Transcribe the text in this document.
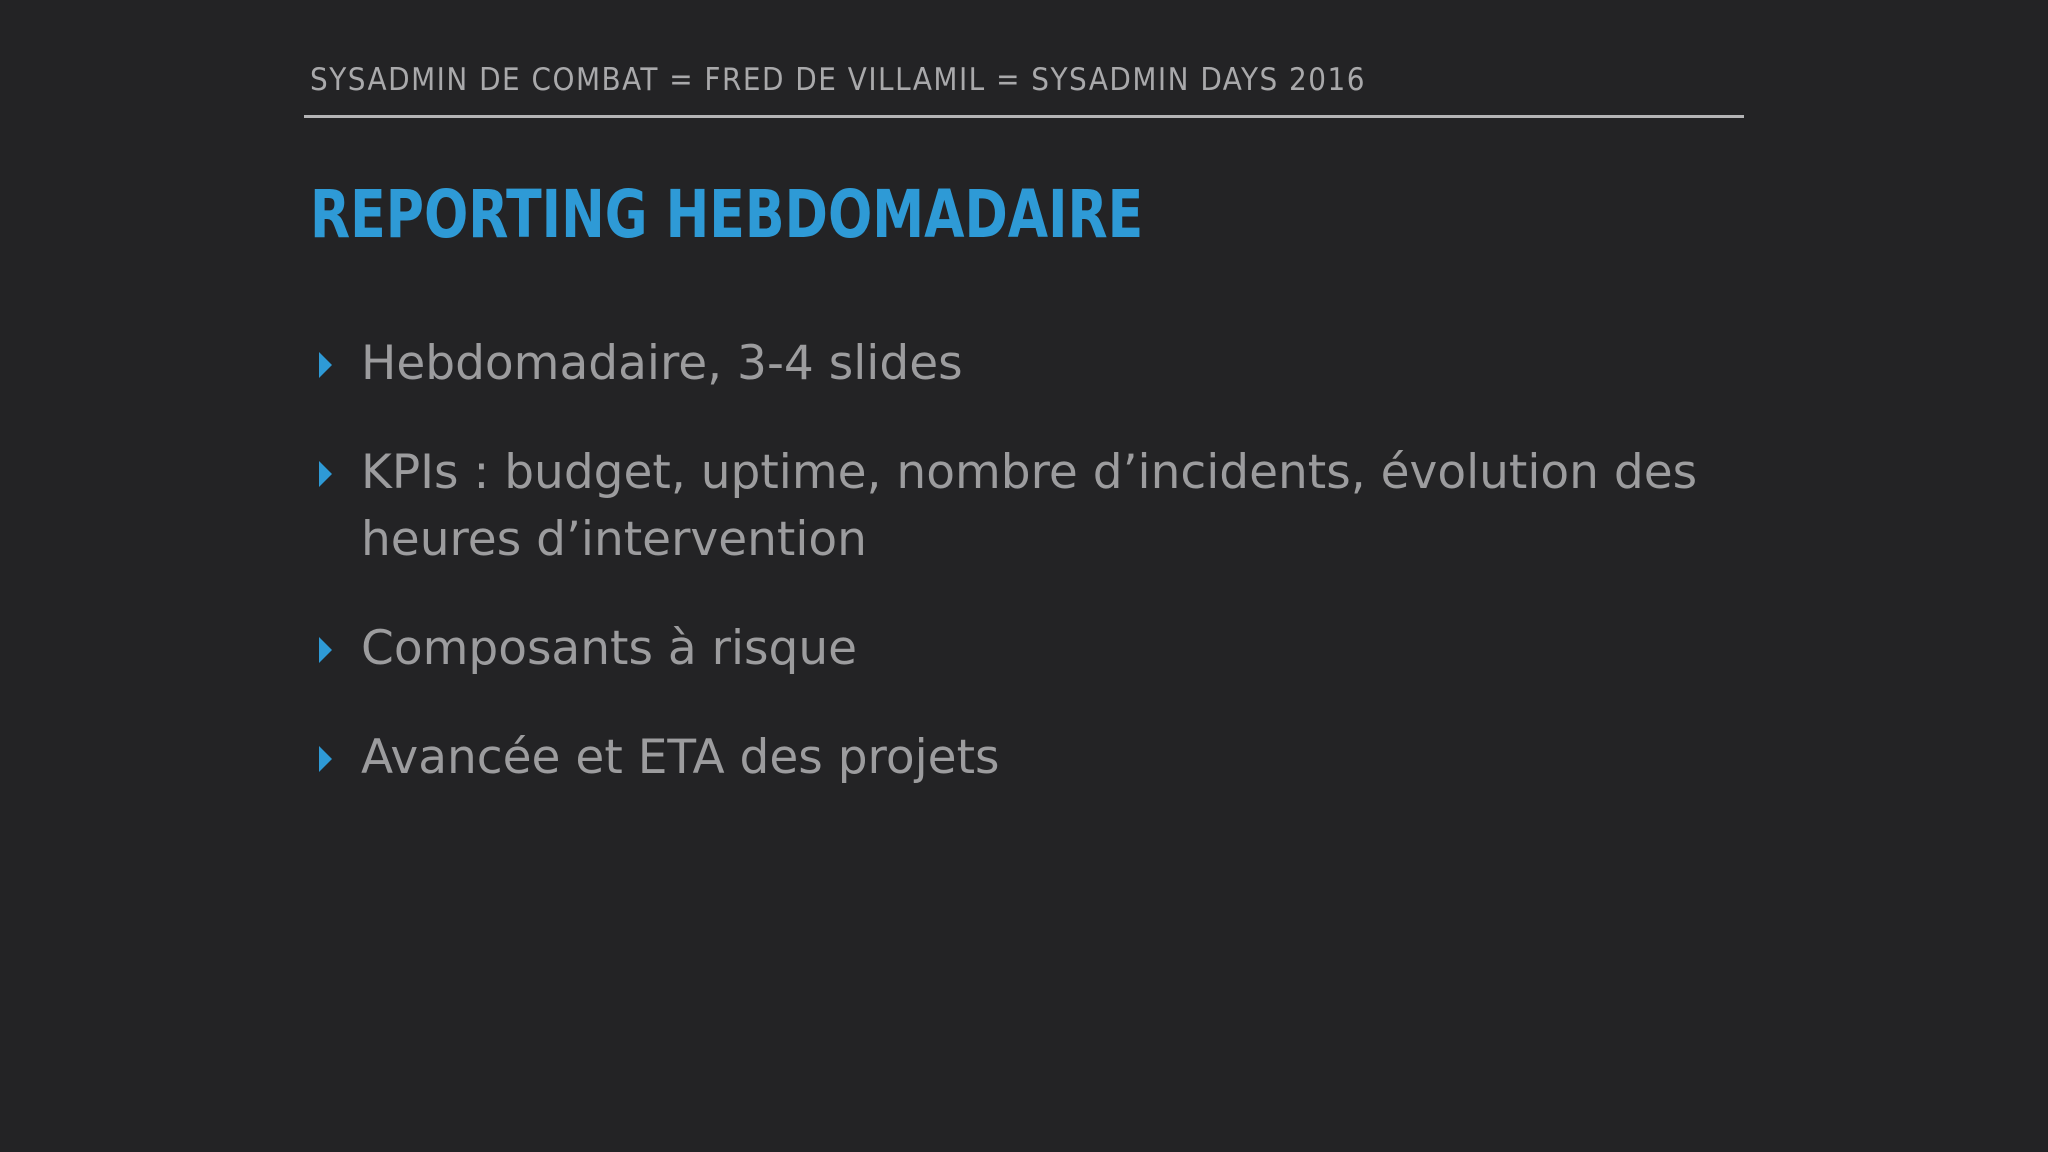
SYSADMIN DE COMBAT = FRED DE VILLAMIL = SYSADMIN DAYS 2016
REPORTING HEBDOMADAIRE
Hebdomadaire, 3-4 slides
KPIs : budget, uptime, nombre d’incidents, évolution des heures d’intervention
Composants à risque
Avancée et ETA des projets
